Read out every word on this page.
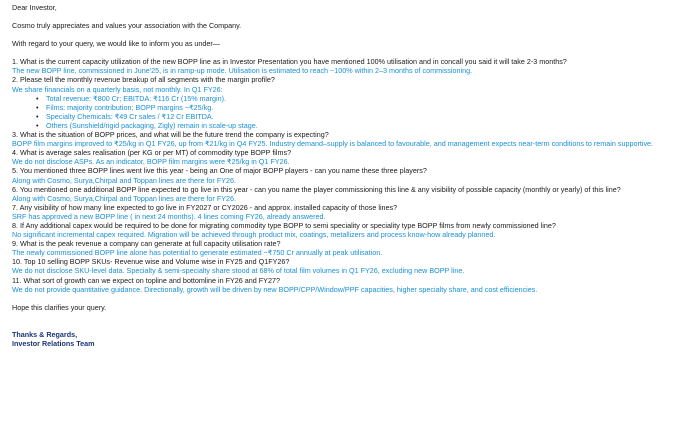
Dear Investor,

Cosmo truly appreciates and values your association with the Company.

With regard to your query, we would like to inform you as under—

1. What is the current capacity utilization of the new BOPP line as in Investor Presentation you have mentioned 100% utilisation and in concall you said it will take 2-3 months?

The new BOPP line, commissioned in June'25, is in ramp-up mode. Utilisation is estimated to reach ~100% within 2–3 months of commissioning.

2. Please tell the monthly revenue breakup of all segments with the margin profile?

We share financials on a quarterly basis, not monthly. In Q1 FY26:

• Total revenue: ₹800 Cr; EBITDA: ₹116 Cr (15% margin).
• Films: majority contribution; BOPP margins ~₹25/kg.
• Specialty Chemicals: ₹49 Cr sales / ₹12 Cr EBITDA.
• Others (Sunshield/rigid packaging, Zigly) remain in scale-up stage.

3. What is the situation of BOPP prices, and what will be the future trend the company is expecting?

BOPP film margins improved to ₹25/kg in Q1 FY26, up from ₹21/kg in Q4 FY25. Industry demand–supply is balanced to favourable, and management expects near-term conditions to remain supportive.

4. What is average sales realisation (per KG or per MT) of commodity type BOPP films?

We do not disclose ASPs. As an indicator, BOPP film margins were ₹25/kg in Q1 FY26.

5. You mentioned three BOPP lines went live this year - being an One of major BOPP players - can you name these three players?

Along with Cosmo, Surya,Chirpal and Toppan lines are there for FY26.

6. You mentioned one additional BOPP line expected to go live in this year - can you name the player commissioning this line & any visibility of possible capacity (monthly or yearly) of this line?

Along with Cosmo, Surya,Chirpal and Toppan lines are there for FY26.

7. Any visibility of how many line expected to go live in FY2027 or CY2026 - and approx. installed capacity of those lines?

SRF has approved a new BOPP line ( in next 24 months). 4 lines coming FY26, already answered.

8. If Any additional capex would be required to be done for migrating commodity type BOPP to semi speciality or speciality type BOPP films from newly commissioned line?

No significant incremental capex required. Migration will be achieved through product mix, coatings, metallizers and process know-how already planned.

9. What is the peak revenue a company can generate at full capacity utilisation rate?

The newly commissioned BOPP line alone has potential to generate estimated ~₹750 Cr annually at peak utilisation.

10. Top 10 selling BOPP SKUs- Revenue wise and Volume wise in FY25 and Q1FY26?

We do not disclose SKU-level data. Specialty & semi-specialty share stood at 68% of total film volumes in Q1 FY26, excluding new BOPP line.

11. What sort of growth can we expect on topline and bottomline in FY26 and FY27?

We do not provide quantitative guidance. Directionally, growth will be driven by new BOPP/CPP/Window/PPF capacities, higher specialty share, and cost efficiencies.

Hope this clarifies your query.

Thanks & Regards,

Investor Relations Team
